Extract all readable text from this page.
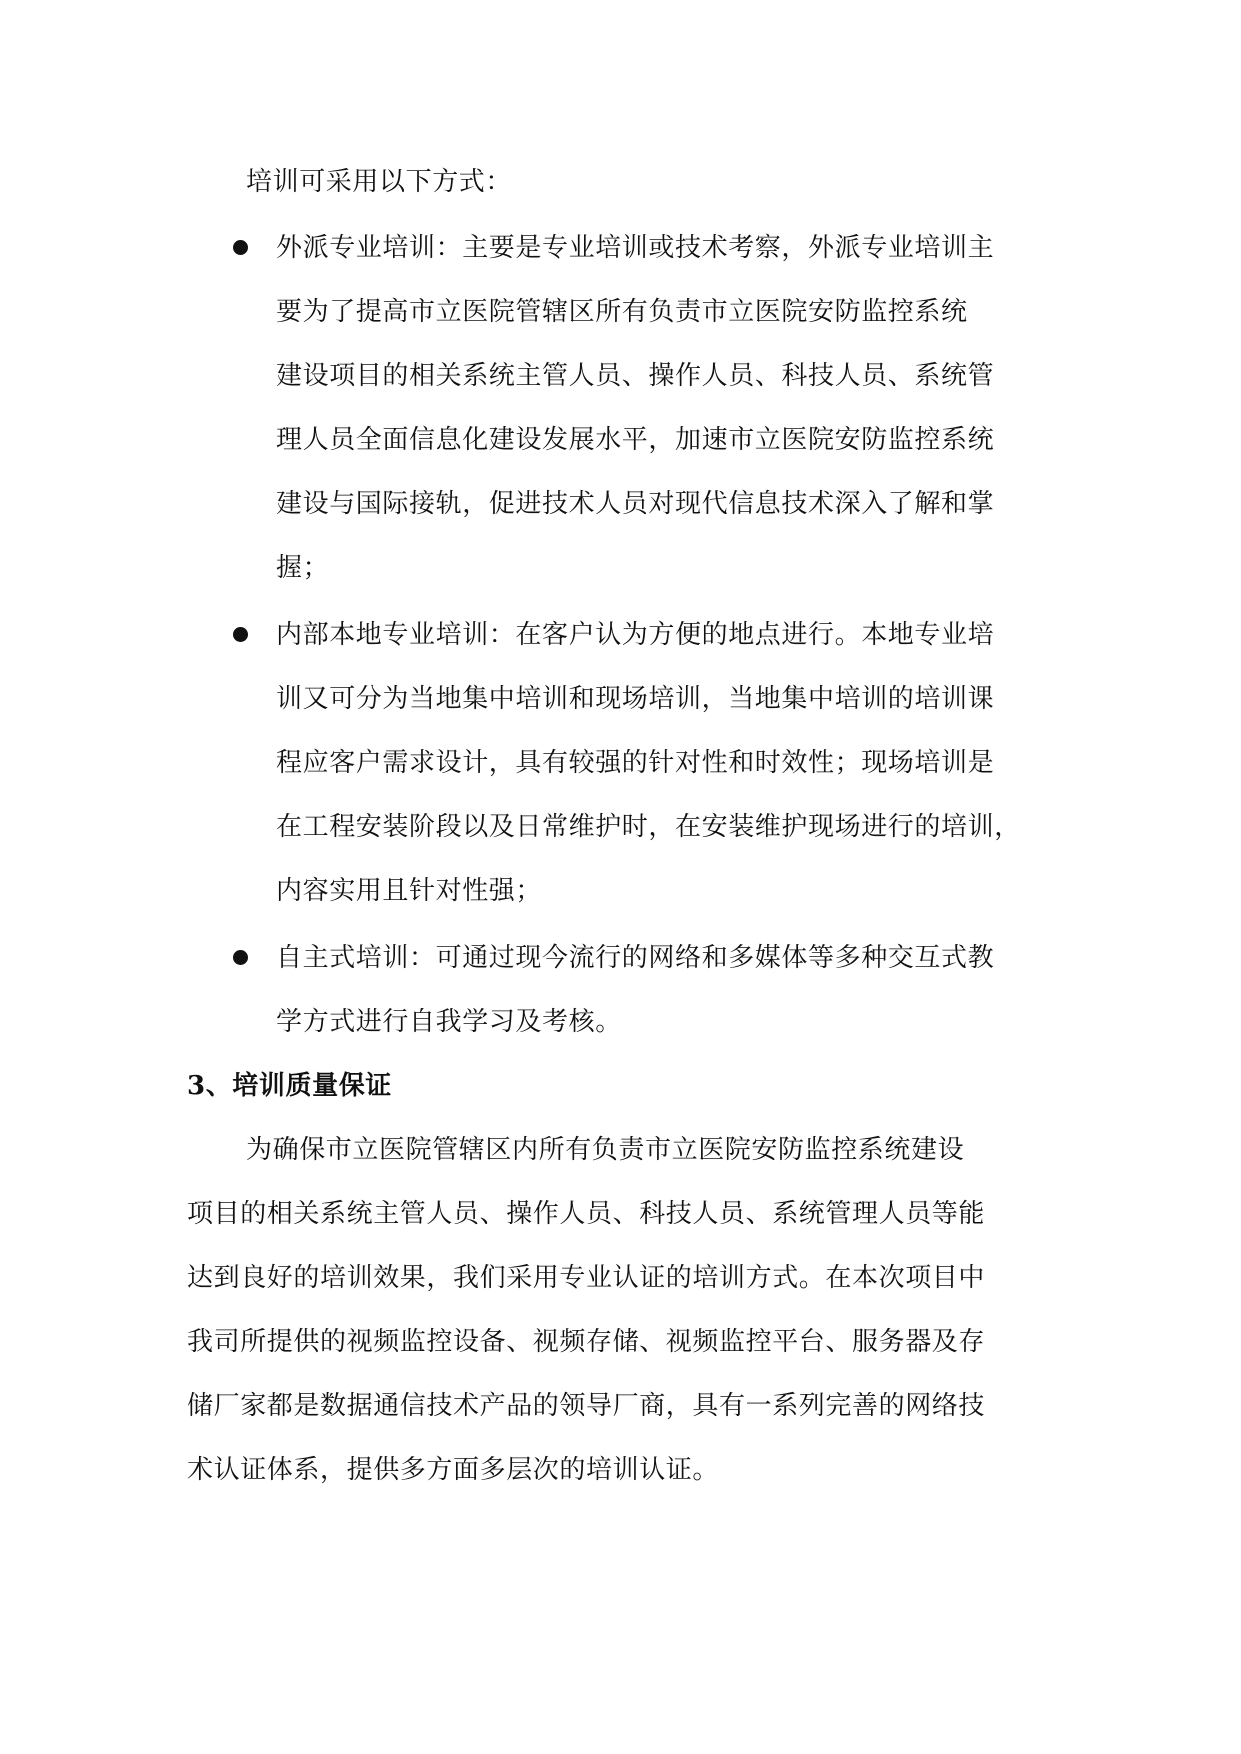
培训可采用以下方式：
外派专业培训：主要是专业培训或技术考察，外派专业培训主
要为了提高市立医院管辖区所有负责市立医院安防监控系统
建设项目的相关系统主管人员、操作人员、科技人员、系统管
理人员全面信息化建设发展水平，加速市立医院安防监控系统
建设与国际接轨，促进技术人员对现代信息技术深入了解和掌
握；
内部本地专业培训：在客户认为方便的地点进行。本地专业培
训又可分为当地集中培训和现场培训，当地集中培训的培训课
程应客户需求设计，具有较强的针对性和时效性；现场培训是
在工程安装阶段以及日常维护时，在安装维护现场进行的培训，
内容实用且针对性强；
自主式培训：可通过现今流行的网络和多媒体等多种交互式教
学方式进行自我学习及考核。
3、培训质量保证
为确保市立医院管辖区内所有负责市立医院安防监控系统建设
项目的相关系统主管人员、操作人员、科技人员、系统管理人员等能
达到良好的培训效果，我们采用专业认证的培训方式。在本次项目中
我司所提供的视频监控设备、视频存储、视频监控平台、服务器及存
储厂家都是数据通信技术产品的领导厂商，具有一系列完善的网络技
术认证体系，提供多方面多层次的培训认证。
